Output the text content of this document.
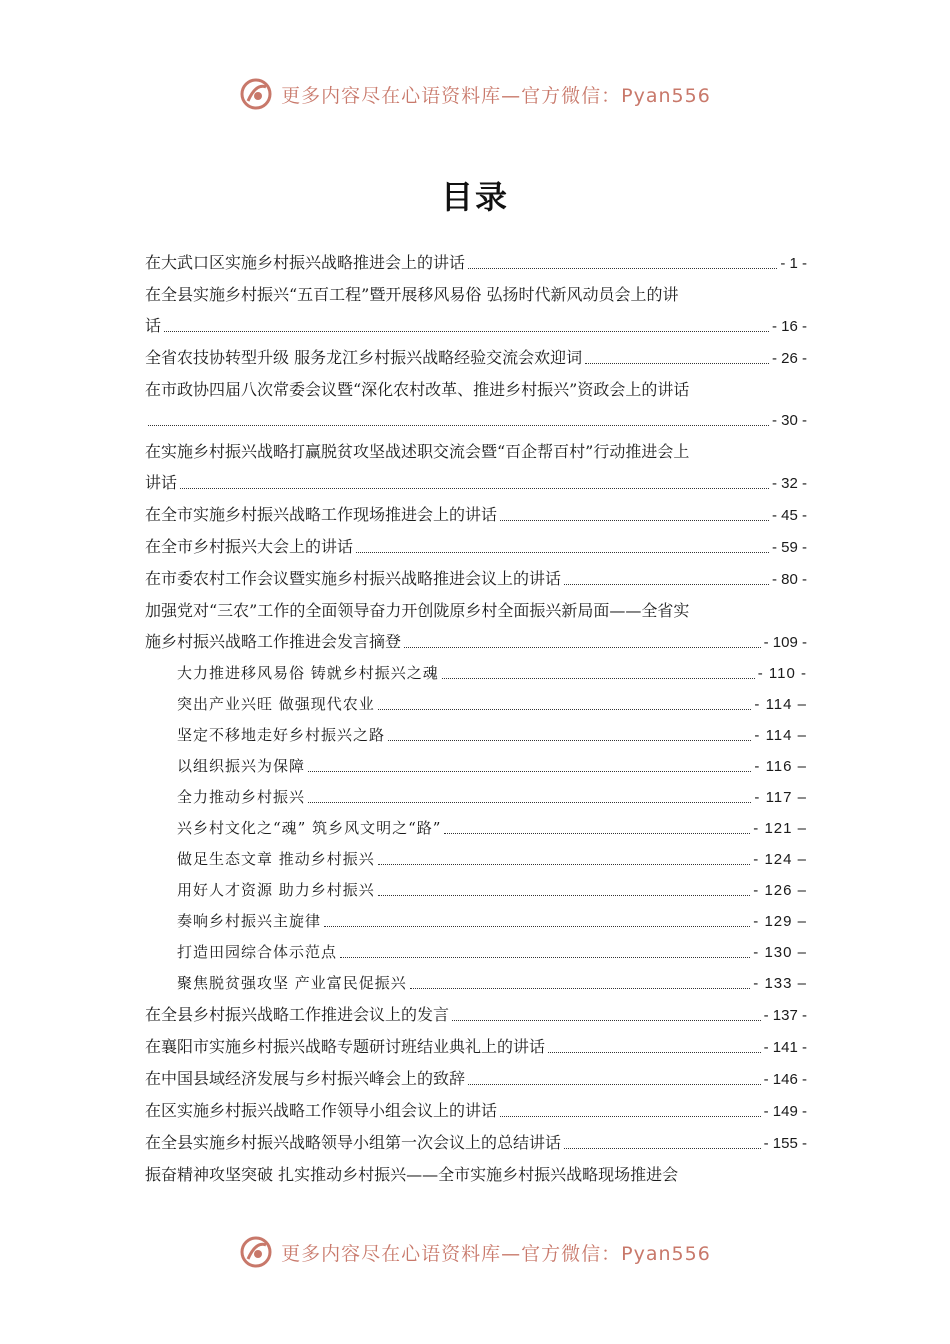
更多内容尽在心语资料库—官方微信：Pyan556
目录
在大武口区实施乡村振兴战略推进会上的讲话	- 1 -
在全县实施乡村振兴“五百工程”暨开展移风易俗 弘扬时代新风动员会上的讲
话	- 16 -
全省农技协转型升级 服务龙江乡村振兴战略经验交流会欢迎词	- 26 -
在市政协四届八次常委会议暨“深化农村改革、推进乡村振兴”资政会上的讲话
- 30 -
在实施乡村振兴战略打赢脱贫攻坚战述职交流会暨“百企帮百村”行动推进会上
讲话	- 32 -
在全市实施乡村振兴战略工作现场推进会上的讲话	- 45 -
在全市乡村振兴大会上的讲话	- 59 -
在市委农村工作会议暨实施乡村振兴战略推进会议上的讲话	- 80 -
加强党对“三农”工作的全面领导奋力开创陇原乡村全面振兴新局面——全省实
施乡村振兴战略工作推进会发言摘登	- 109 -
大力推进移风易俗 铸就乡村振兴之魂	- 110 -
突出产业兴旺 做强现代农业	- 114 –
坚定不移地走好乡村振兴之路	- 114 –
以组织振兴为保障	- 116 –
全力推动乡村振兴	- 117 –
兴乡村文化之“魂” 筑乡风文明之“路”	- 121 –
做足生态文章 推动乡村振兴	- 124 –
用好人才资源 助力乡村振兴	- 126 –
奏响乡村振兴主旋律	- 129 –
打造田园综合体示范点	- 130 –
聚焦脱贫强攻坚 产业富民促振兴	- 133 –
在全县乡村振兴战略工作推进会议上的发言	- 137 -
在襄阳市实施乡村振兴战略专题研讨班结业典礼上的讲话	- 141 -
在中国县域经济发展与乡村振兴峰会上的致辞	- 146 -
在区实施乡村振兴战略工作领导小组会议上的讲话	- 149 -
在全县实施乡村振兴战略领导小组第一次会议上的总结讲话	- 155 -
振奋精神攻坚突破 扎实推动乡村振兴——全市实施乡村振兴战略现场推进会
更多内容尽在心语资料库—官方微信：Pyan556
